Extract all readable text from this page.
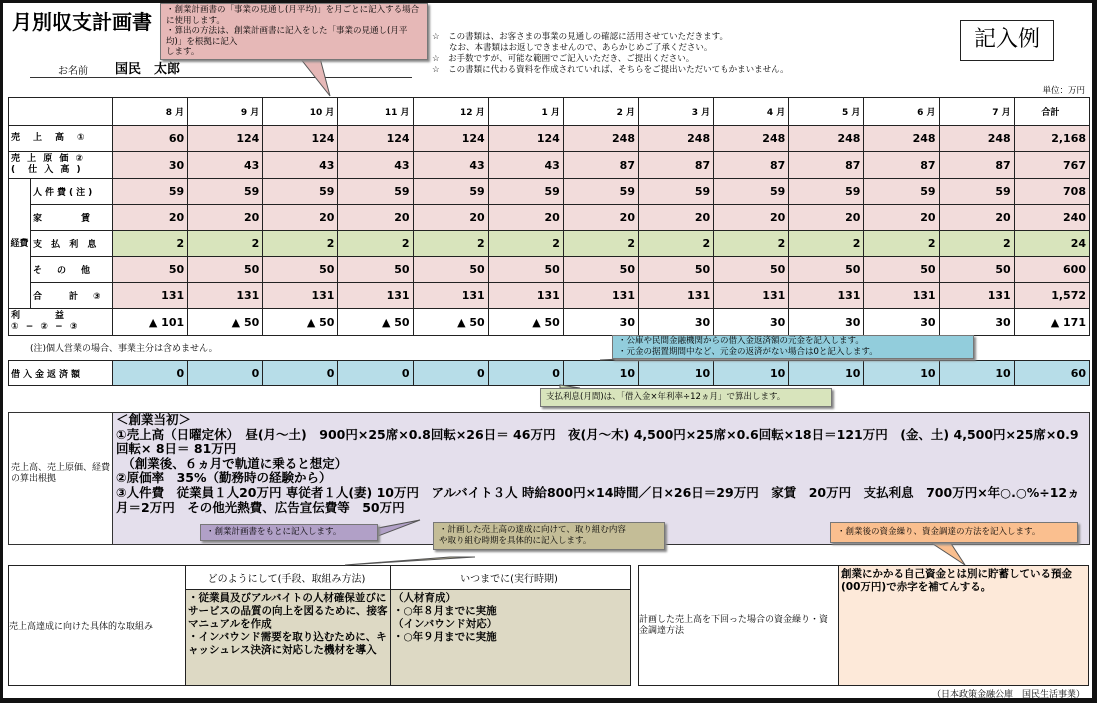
月別収支計画書
お名前 国民　太郎
☆　この書類は、お客さまの事業の見通しの確認に活用させていただきます。
　　なお、本書類はお返しできませんので、あらかじめご了承ください。
☆　お手数ですが、可能な範囲でご記入いただき、ご提出ください。
☆　この書類に代わる資料を作成されていれば、そちらをご提出いただいてもかまいません。
記入例
単位：万円
		8 月	9 月	10 月	11 月	12 月	1 月	2 月	3 月	4 月	5 月	6 月	7 月	合計
売　上　高　①		60	124	124	124	124	124	248	248	248	248	248	248	2,168
売 上 原 価 ②
(　仕 入 高 )		30	43	43	43	43	43	87	87	87	87	87	87	767
経費	人件費(注)	59	59	59	59	59	59	59	59	59	59	59	59	708
	家　　　賃	20	20	20	20	20	20	20	20	20	20	20	20	240
	支 払 利 息	2	2	2	2	2	2	2	2	2	2	2	2	24
	そ　の　他	50	50	50	50	50	50	50	50	50	50	50	50	600
	合　　計　③	131	131	131	131	131	131	131	131	131	131	131	131	1,572
利　　　益
① − ② − ③		▲ 101	▲ 50	▲ 50	▲ 50	▲ 50	▲ 50	30	30	30	30	30	30	▲ 171
(注)個人営業の場合、事業主分は含めません。
借入金返済額	0	0	0	0	0	0	10	10	10	10	10	10	60
売上高、売上原価、経費の算出根拠
＜創業当初＞
①売上高（日曜定休）　昼(月～土)　900円×25席×0.8回転×26日＝ 46万円　夜(月～木) 4,500円×25席×0.6回転×18日＝121万円　(金、土) 4,500円×25席×0.9回転× 8日＝ 81万円
　（創業後、６ヵ月で軌道に乗ると想定）
②原価率　35%（勤務時の経験から）
③人件費　従業員１人20万円 専従者１人(妻) 10万円　アルバイト３人 時給800円×14時間／日×26日＝29万円　家賃　20万円　支払利息　700万円×年○.○%÷12ヵ月＝2万円　その他光熱費、広告宣伝費等　50万円
売上高達成に向けた具体的な取組み	どのようにして(手段、取組み方法)	いつまでに(実行時期)
	・従業員及びアルバイトの人材確保並びにサービスの品質の向上を図るために、接客マニュアルを作成
・インバウンド需要を取り込むために、キャッシュレス決済に対応した機材を導入	（人材育成）
・○年８月までに実施
（インバウンド対応）
・○年９月までに実施
計画した売上高を下回った場合の資金繰り・資金調達方法	創業にかかる自己資金とは別に貯蓄している預金(00万円)で赤字を補てんする。
（日本政策金融公庫　国民生活事業）
・創業計画書の「事業の見通し(月平均)」を月ごとに記入する場合に使用します。
・算出の方法は、創業計画書に記入をした「事業の見通し(月平均)」を根拠に記入
します。
支払利息(月間)は、「借入金×年利率÷12ヵ月」で算出します。
・公庫や民間金融機関からの借入金返済額の元金を記入します。
・元金の据置期間中など、元金の返済がない場合は0と記入します。
・創業計画書をもとに記入します。	・計画した売上高の達成に向けて、取り組む内容
や取り組む時期を具体的に記入します。
・創業後の資金繰り、資金調達の方法を記入します。
